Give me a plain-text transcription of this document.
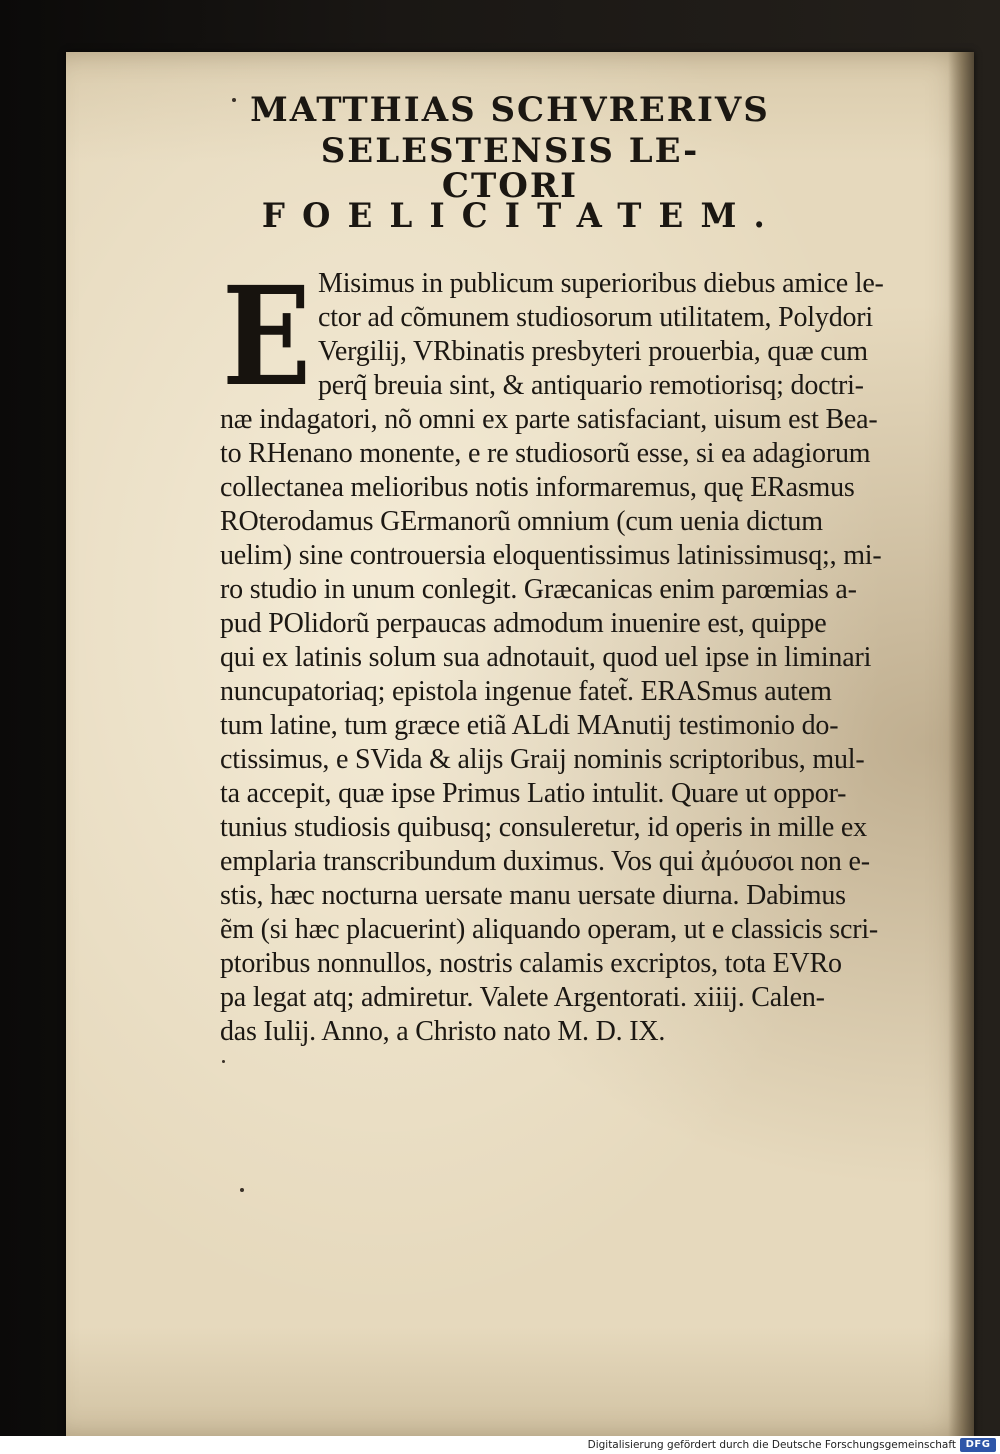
MATTHIAS SCHVRERIVS
SELESTENSIS LE-
CTORI
FOELICITATEM.
E Misimus in publicum superioribus diebus amice le-
ctor ad cõmunem studiosorum utilitatem, Polydori
Vergilij, VRbinatis presbyteri prouerbia, quæ cum
perq̃ breuia sint, & antiquario remotiorisq; doctri-
næ indagatori, nõ omni ex parte satisfaciant, uisum est Bea-
to RHenano monente, e re studiosorũ esse, si ea adagiorum
collectanea melioribus notis informaremus, quę ERasmus
ROterodamus GErmanorũ omnium (cum uenia dictum
uelim) sine controuersia eloquentissimus latinissimusq;, mi-
ro studio in unum conlegit. Græcanicas enim parœmias a-
pud POlidorũ perpaucas admodum inuenire est, quippe
qui ex latinis solum sua adnotauit, quod uel ipse in liminari
nuncupatoriaq; epistola ingenue fatet̃. ERASmus autem
tum latine, tum græce etiã ALdi MAnutij testimonio do-
ctissimus, e SVida & alijs Graij nominis scriptoribus, mul-
ta accepit, quæ ipse Primus Latio intulit. Quare ut oppor-
tunius studiosis quibusq; consuleretur, id operis in mille ex
emplaria transcribundum duximus. Vos qui ἀμόυσοι non e-
stis, hæc nocturna uersate manu uersate diurna. Dabimus
ẽm (si hæc placuerint) aliquando operam, ut e classicis scri-
ptoribus nonnullos, nostris calamis excriptos, tota EVRo
pa legat atq; admiretur. Valete Argentorati. xiiij. Calen-
das Iulij. Anno, a Christo nato M. D. IX.
Digitalisierung gefördert durch die Deutsche Forschungsgemeinschaft DFG
